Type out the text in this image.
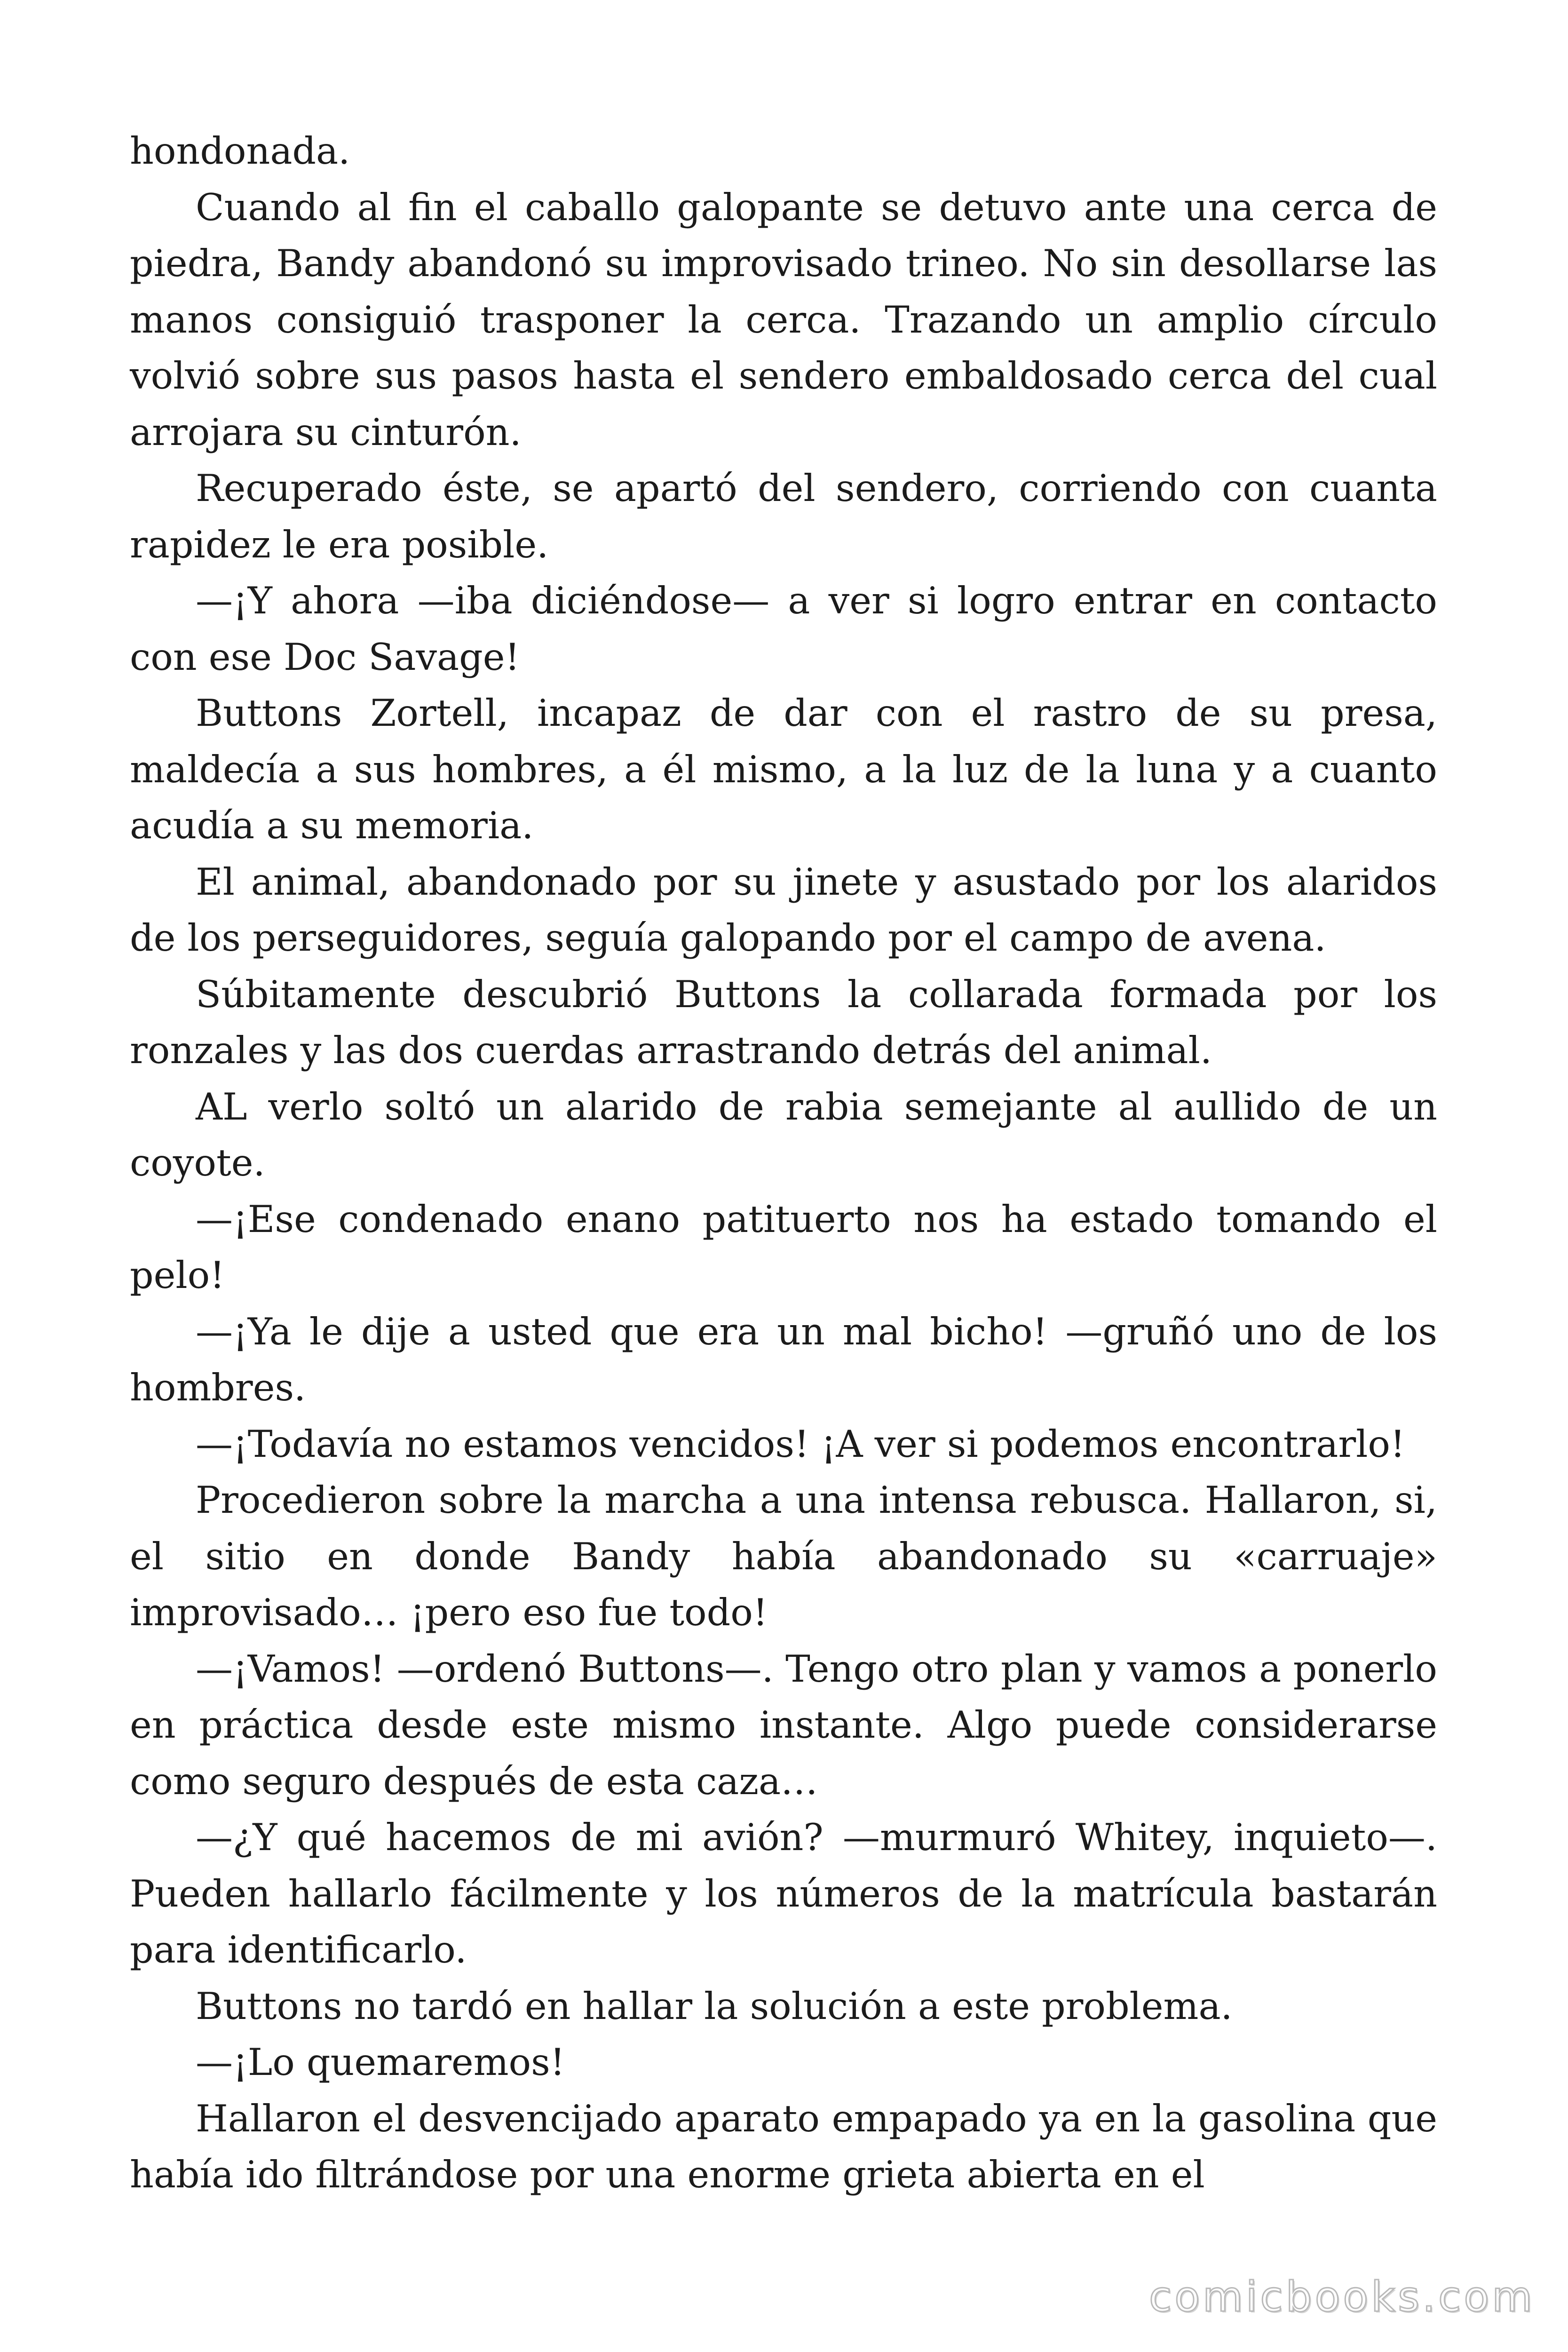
hondonada.

Cuando al fin el caballo galopante se detuvo ante una cerca de piedra, Bandy abandonó su improvisado trineo. No sin desollarse las manos consiguió trasponer la cerca. Trazando un amplio círculo volvió sobre sus pasos hasta el sendero embaldosado cerca del cual arrojara su cinturón.

Recuperado éste, se apartó del sendero, corriendo con cuanta rapidez le era posible.

—¡Y ahora —iba diciéndose— a ver si logro entrar en contacto con ese Doc Savage!

Buttons Zortell, incapaz de dar con el rastro de su presa, maldecía a sus hombres, a él mismo, a la luz de la luna y a cuanto acudía a su memoria.

El animal, abandonado por su jinete y asustado por los alaridos de los perseguidores, seguía galopando por el campo de avena.

Súbitamente descubrió Buttons la collarada formada por los ronzales y las dos cuerdas arrastrando detrás del animal.

AL verlo soltó un alarido de rabia semejante al aullido de un coyote.

—¡Ese condenado enano patituerto nos ha estado tomando el pelo!

—¡Ya le dije a usted que era un mal bicho! —gruñó uno de los hombres.

—¡Todavía no estamos vencidos! ¡A ver si podemos encontrarlo!

Procedieron sobre la marcha a una intensa rebusca. Hallaron, si, el sitio en donde Bandy había abandonado su «carruaje» improvisado… ¡pero eso fue todo!

—¡Vamos! —ordenó Buttons—. Tengo otro plan y vamos a ponerlo en práctica desde este mismo instante. Algo puede considerarse como seguro después de esta caza…

—¿Y qué hacemos de mi avión? —murmuró Whitey, inquieto—. Pueden hallarlo fácilmente y los números de la matrícula bastarán para identificarlo.

Buttons no tardó en hallar la solución a este problema.

—¡Lo quemaremos!

Hallaron el desvencijado aparato empapado ya en la gasolina que había ido filtrándose por una enorme grieta abierta en el

comicbooks.com
